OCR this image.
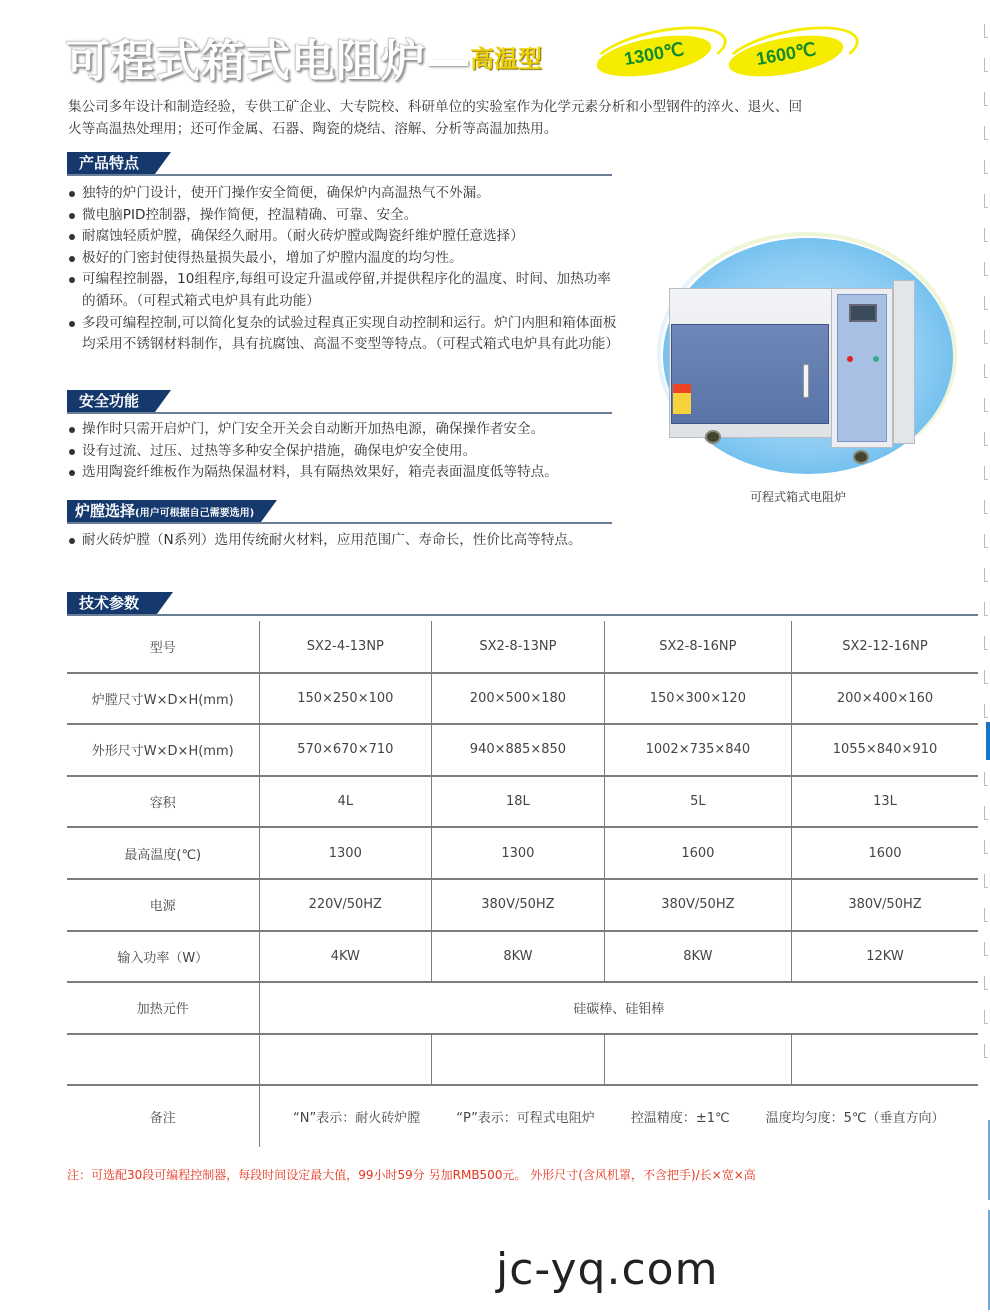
可程式箱式电阻炉 高温型	1300℃	1600℃

集公司多年设计和制造经验，专供工矿企业、大专院校、科研单位的实验室作为化学元素分析和小型钢件的淬火、退火、回火等高温热处理用；还可作金属、石器、陶瓷的烧结、溶解、分析等高温加热用。

产品特点
独特的炉门设计，使开门操作安全简便，确保炉内高温热气不外漏。
微电脑PID控制器，操作简便，控温精确、可靠、安全。
耐腐蚀轻质炉膛，确保经久耐用。（耐火砖炉膛或陶瓷纤维炉膛任意选择）
极好的门密封使得热量损失最小，增加了炉膛内温度的均匀性。
可编程控制器，10组程序,每组可设定升温或停留,并提供程序化的温度、时间、加热功率的循环。（可程式箱式电炉具有此功能）
多段可编程控制,可以简化复杂的试验过程真正实现自动控制和运行。炉门内胆和箱体面板均采用不锈钢材料制作，具有抗腐蚀、高温不变型等特点。（可程式箱式电炉具有此功能）
安全功能
操作时只需开启炉门，炉门安全开关会自动断开加热电源，确保操作者安全。
设有过流、过压、过热等多种安全保护措施，确保电炉安全使用。
选用陶瓷纤维板作为隔热保温材料，具有隔热效果好，箱壳表面温度低等特点。
炉膛选择(用户可根据自己需要选用)
耐火砖炉膛（N系列）选用传统耐火材料，应用范围广、寿命长，性价比高等特点。
可程式箱式电阻炉
技术参数
型号	SX2-4-13NP	SX2-8-13NP	SX2-8-16NP	SX2-12-16NP
炉膛尺寸W×D×H(mm)	150×250×100	200×500×180	150×300×120	200×400×160
外形尺寸W×D×H(mm)	570×670×710	940×885×850	1002×735×840	1055×840×910
容积	4L	18L	5L	13L
最高温度(℃)	1300	1300	1600	1600
电源	220V/50HZ	380V/50HZ	380V/50HZ	380V/50HZ
输入功率（W）	4KW	8KW	8KW	12KW
加热元件	硅碳棒、硅钼棒			

备注	“N”表示：耐火砖炉膛 “P”表示：可程式电阻炉 控温精度：±1℃ 温度均匀度：5℃（垂直方向）			
注：可选配30段可编程控制器，每段时间设定最大值，99小时59分 另加RMB500元。 外形尺寸(含风机罩，不含把手)/长×宽×高
jc-yq.com
